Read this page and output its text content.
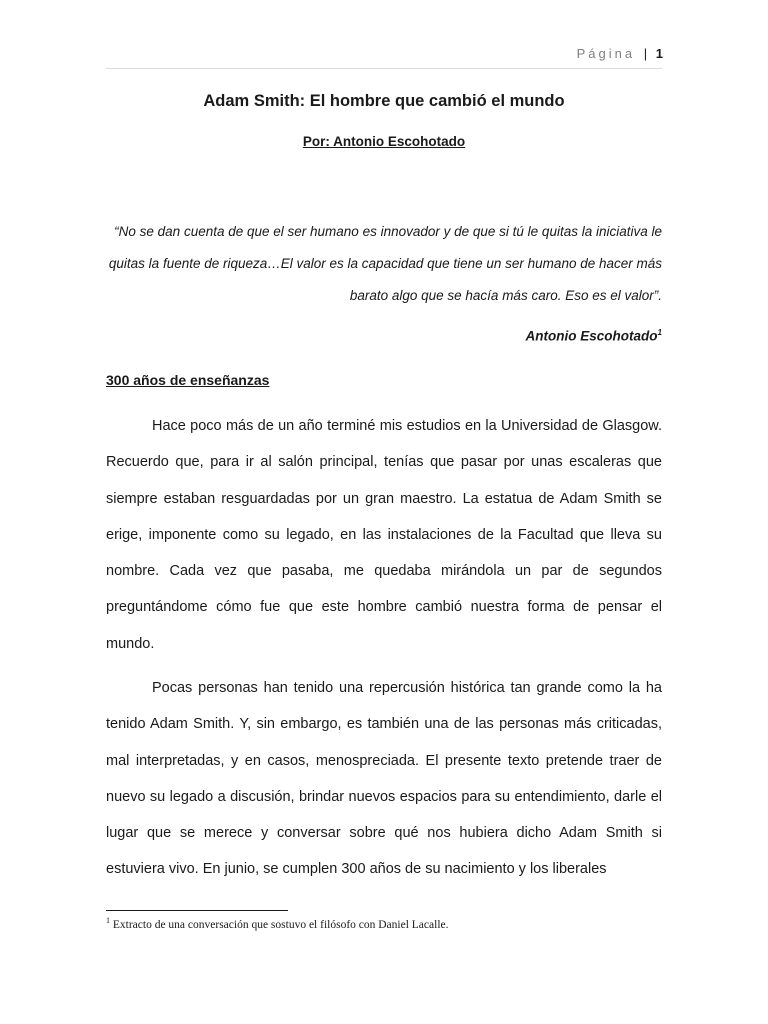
Página | 1
Adam Smith: El hombre que cambió el mundo
Por: Antonio Escohotado

“No se dan cuenta de que el ser humano es innovador y de que si tú le quitas la iniciativa le quitas la fuente de riqueza…El valor es la capacidad que tiene un ser humano de hacer más barato algo que se hacía más caro. Eso es el valor”.

Antonio Escohotado$^1$
300 años de enseñanzas

Hace poco más de un año terminé mis estudios en la Universidad de Glasgow. Recuerdo que, para ir al salón principal, tenías que pasar por unas escaleras que siempre estaban resguardadas por un gran maestro. La estatua de Adam Smith se erige, imponente como su legado, en las instalaciones de la Facultad que lleva su nombre. Cada vez que pasaba, me quedaba mirándola un par de segundos preguntándome cómo fue que este hombre cambió nuestra forma de pensar el mundo.

Pocas personas han tenido una repercusión histórica tan grande como la ha tenido Adam Smith. Y, sin embargo, es también una de las personas más criticadas, mal interpretadas, y en casos, menospreciada. El presente texto pretende traer de nuevo su legado a discusión, brindar nuevos espacios para su entendimiento, darle el lugar que se merece y conversar sobre qué nos hubiera dicho Adam Smith si estuviera vivo. En junio, se cumplen 300 años de su nacimiento y los liberales

$^1$ Extracto de una conversación que sostuvo el filósofo con Daniel Lacalle.
